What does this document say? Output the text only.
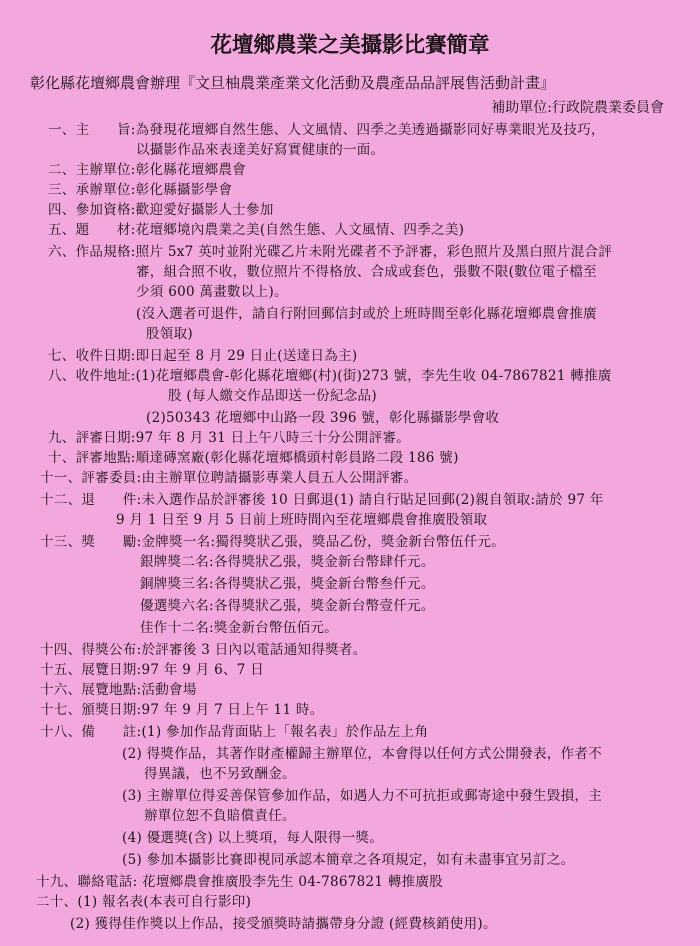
花壇鄉農業之美攝影比賽簡章
彰化縣花壇鄉農會辦理『文旦柚農業產業文化活動及農產品品評展售活動計畫』
補助單位:行政院農業委員會
一、主　　旨:為發現花壇鄉自然生態、人文風情、四季之美透過攝影同好專業眼光及技巧，
以攝影作品來表達美好寫實健康的一面。
二、主辦單位:彰化縣花壇鄉農會
三、承辦單位:彰化縣攝影學會
四、參加資格:歡迎愛好攝影人士參加
五、題　　材:花壇鄉境內農業之美(自然生態、人文風情、四季之美)
六、作品規格:照片 5x7 英吋並附光碟乙片未附光碟者不予評審，彩色照片及黑白照片混合評
審，組合照不收，數位照片不得格放、合成或套色，張數不限(數位電子檔至
少須 600 萬畫數以上)。
(沒入選者可退件，請自行附回郵信封或於上班時間至彰化縣花壇鄉農會推廣
股領取)
七、收件日期:即日起至 8 月 29 日止(送達日為主)
八、收件地址:(1)花壇鄉農會-彰化縣花壇鄉(村)(街)273 號，李先生收 04-7867821 轉推廣
股 (每人繳交作品即送一份紀念品)
(2)50343 花壇鄉中山路一段 396 號，彰化縣攝影學會收
九、評審日期:97 年 8 月 31 日上午八時三十分公開評審。
十、評審地點:順達磚窯廠(彰化縣花壇鄉橋頭村彰員路二段 186 號)
十一、評審委員:由主辦單位聘請攝影專業人員五人公開評審。
十二、退　　件:未入選作品於評審後 10 日郵退(1) 請自行貼足回郵(2)親自領取:請於 97 年
9 月 1 日至 9 月 5 日前上班時間內至花壇鄉農會推廣股領取
十三、獎　　勵:金牌獎一名:獨得獎狀乙張，獎品乙份，獎金新台幣伍仟元。
銀牌獎二名:各得獎狀乙張，獎金新台幣肆仟元。
銅牌獎三名:各得獎狀乙張，獎金新台幣叁仟元。
優選獎六名:各得獎狀乙張，獎金新台幣壹仟元。
佳作十二名:獎金新台幣伍佰元。
十四、得獎公布:於評審後 3 日內以電話通知得獎者。
十五、展覽日期:97 年 9 月 6、7 日
十六、展覽地點:活動會場
十七、頒獎日期:97 年 9 月 7 日上午 11 時。
十八、備　　註:(1) 參加作品背面貼上「報名表」於作品左上角
(2) 得獎作品，其著作財產權歸主辦單位，本會得以任何方式公開發表，作者不
得異議，也不另致酬金。
(3) 主辦單位得妥善保管參加作品，如遇人力不可抗拒或郵寄途中發生毀損，主
辦單位恕不負賠償責任。
(4) 優選獎(含) 以上獎項，每人限得一獎。
(5) 參加本攝影比賽即視同承認本簡章之各項規定，如有未盡事宜另訂之。
十九、聯絡電話: 花壇鄉農會推廣股李先生 04-7867821 轉推廣股
二十、(1) 報名表(本表可自行影印)
(2) 獲得佳作獎以上作品，接受頒獎時請攜帶身分證 (經費核銷使用)。
